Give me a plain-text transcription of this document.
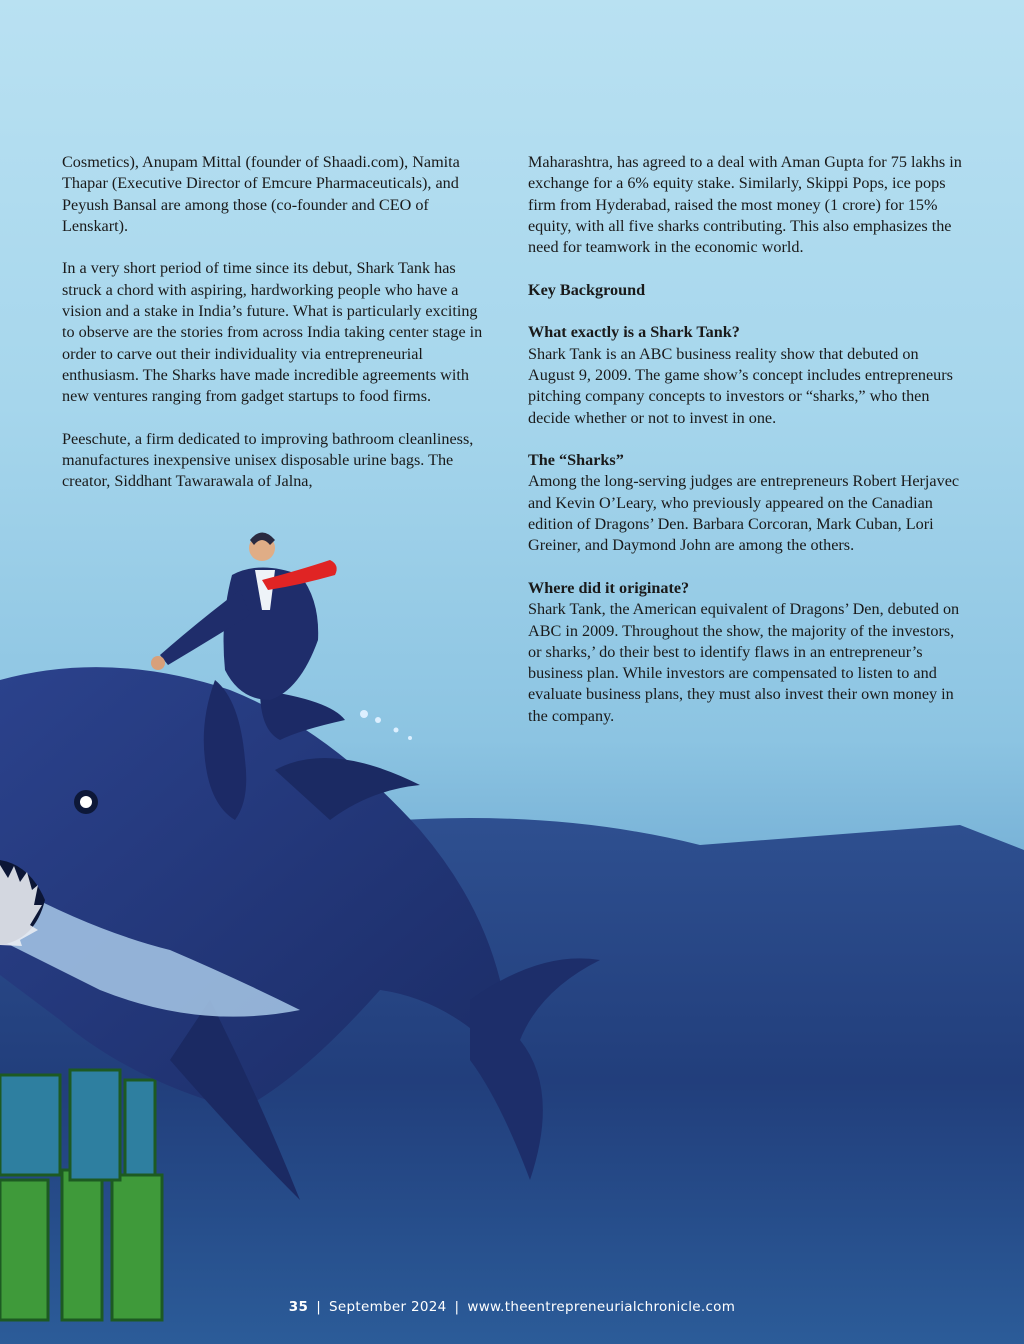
Cosmetics), Anupam Mittal (founder of Shaadi.com), Namita Thapar (Executive Director of Emcure Pharmaceuticals), and Peyush Bansal are among those (co-founder and CEO of Lenskart).

In a very short period of time since its debut, Shark Tank has struck a chord with aspiring, hardworking people who have a vision and a stake in India’s future. What is particularly exciting to observe are the stories from across India taking center stage in order to carve out their individuality via entrepreneurial enthusiasm. The Sharks have made incredible agreements with new ventures ranging from gadget startups to food firms.

Peeschute, a firm dedicated to improving bathroom cleanliness, manufactures inexpensive unisex disposable urine bags. The creator, Siddhant Tawarawala of Jalna,

Maharashtra, has agreed to a deal with Aman Gupta for 75 lakhs in exchange for a 6% equity stake. Similarly, Skippi Pops, ice pops firm from Hyderabad, raised the most money (1 crore) for 15% equity, with all five sharks contributing. This also emphasizes the need for teamwork in the economic world.

Key Background

What exactly is a Shark Tank?
Shark Tank is an ABC business reality show that debuted on August 9, 2009. The game show’s concept includes entrepreneurs pitching company concepts to investors or “sharks,” who then decide whether or not to invest in one.

The “Sharks”
Among the long-serving judges are entrepreneurs Robert Herjavec and Kevin O’Leary, who previously appeared on the Canadian edition of Dragons’ Den. Barbara Corcoran, Mark Cuban, Lori Greiner, and Daymond John are among the others.

Where did it originate?
Shark Tank, the American equivalent of Dragons’ Den, debuted on ABC in 2009. Throughout the show, the majority of the investors, or sharks,’ do their best to identify flaws in an entrepreneur’s business plan. While investors are compensated to listen to and evaluate business plans, they must also invest their own money in the company.

35 | September 2024 | www.theentrepreneurialchronicle.com
